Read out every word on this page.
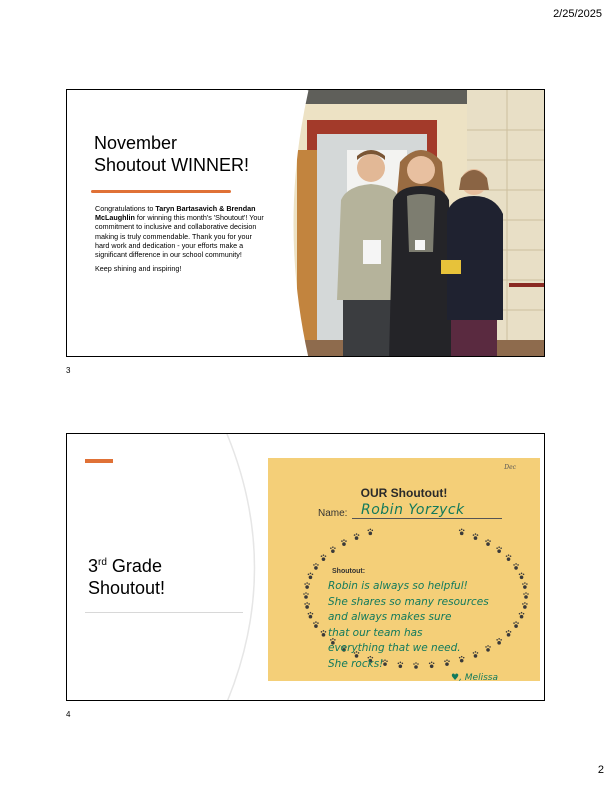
2/25/2025
November
Shoutout WINNER!

Congratulations to Taryn Bartasavich & Brendan McLaughlin for winning this month's 'Shoutout'! Your commitment to inclusive and collaborative decision making is truly commendable. Thank you for your hard work and dedication - your efforts make a significant difference in our school community!

Keep shining and inspiring!

3
3rd Grade
Shoutout!
Dec
OUR Shoutout!
Name: Robin Yorzyck
Shoutout:
Robin is always so helpful!
She shares so many resources
and always makes sure
that our team has
everything that we need.
She rocks!
♥, Melissa
4
2
